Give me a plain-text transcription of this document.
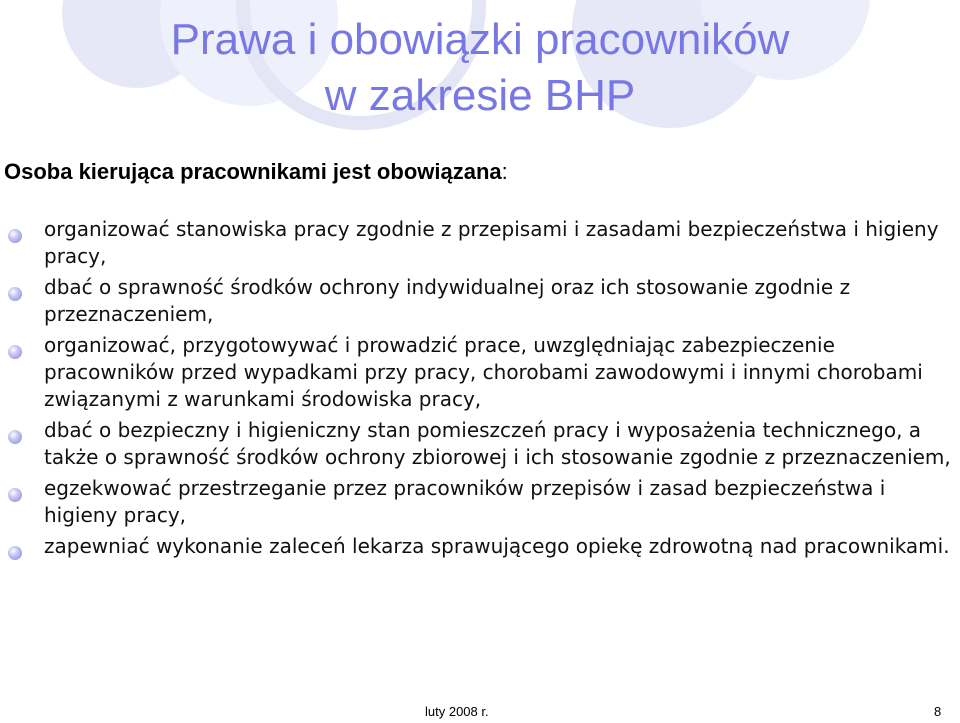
Prawa i obowiązki pracowników
w zakresie BHP
Osoba kierująca pracownikami jest obowiązana:
organizować stanowiska pracy zgodnie z przepisami i zasadami bezpieczeństwa i higieny pracy,
dbać o sprawność środków ochrony indywidualnej oraz ich stosowanie zgodnie z przeznaczeniem,
organizować, przygotowywać i prowadzić prace, uwzględniając zabezpieczenie pracowników przed wypadkami przy pracy, chorobami zawodowymi i innymi chorobami związanymi z warunkami środowiska pracy,
dbać o bezpieczny i higieniczny stan pomieszczeń pracy i wyposażenia technicznego, a także o sprawność środków ochrony zbiorowej i ich stosowanie zgodnie z przeznaczeniem,
egzekwować przestrzeganie przez pracowników przepisów i zasad bezpieczeństwa i higieny pracy,
zapewniać wykonanie zaleceń lekarza sprawującego opiekę zdrowotną nad pracownikami.
luty 2008 r.	8
